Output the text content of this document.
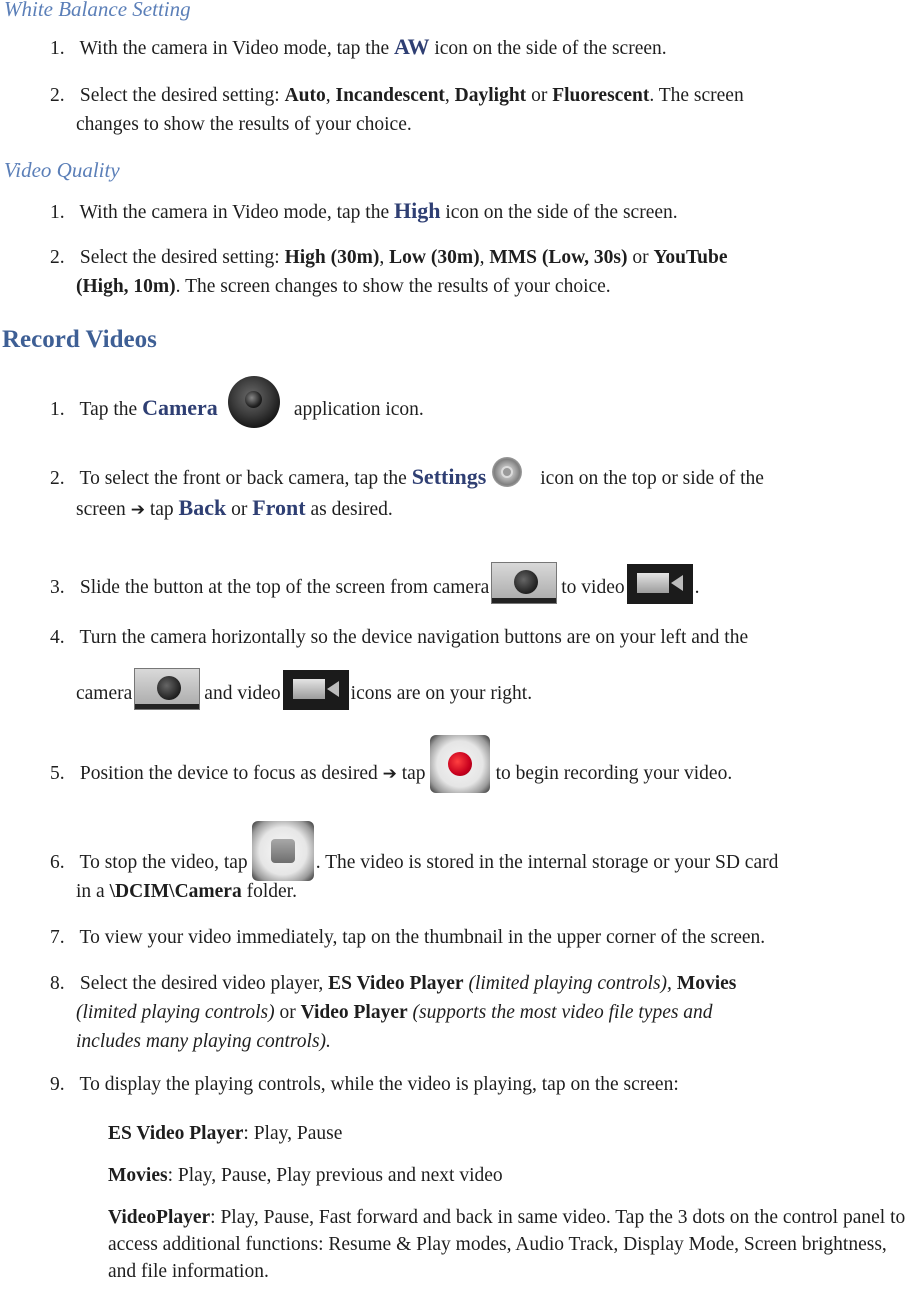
White Balance Setting
1. With the camera in Video mode, tap the AW icon on the side of the screen.
2. Select the desired setting: Auto, Incandescent, Daylight or Fluorescent. The screen
changes to show the results of your choice.
Video Quality
1. With the camera in Video mode, tap the High icon on the side of the screen.
2. Select the desired setting: High (30m), Low (30m), MMS (Low, 30s) or YouTube
(High, 10m). The screen changes to show the results of your choice.
Record Videos
1. Tap the Camera	application icon.
2. To select the front or back camera, tap the Settings	icon on the top or side of the
screen ➔ tap Back or Front as desired.
3. Slide the button at the top of the screen from camera	to video	.
4. Turn the camera horizontally so the device navigation buttons are on your left and the
camera	and video	icons are on your right.
5. Position the device to focus as desired ➔ tap	to begin recording your video.
6. To stop the video, tap	. The video is stored in the internal storage or your SD card
in a \DCIM\Camera folder.
7. To view your video immediately, tap on the thumbnail in the upper corner of the screen.
8. Select the desired video player, ES Video Player (limited playing controls), Movies
(limited playing controls) or Video Player (supports the most video file types and
includes many playing controls).
9. To display the playing controls, while the video is playing, tap on the screen:
ES Video Player: Play, Pause
Movies: Play, Pause, Play previous and next video
VideoPlayer: Play, Pause, Fast forward and back in same video. Tap the 3 dots on the control panel to access additional functions: Resume & Play modes, Audio Track, Display Mode, Screen brightness, and file information.
